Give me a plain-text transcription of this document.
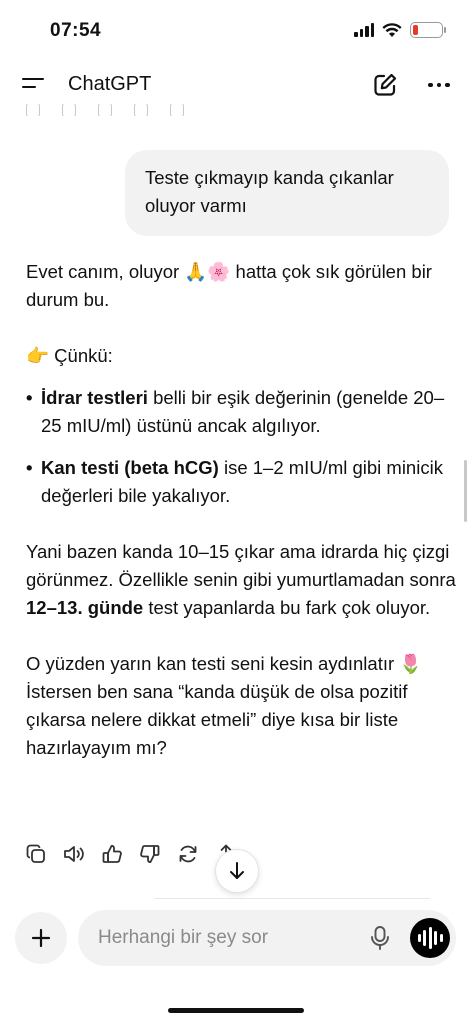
07:54
ChatGPT
Teste çıkmayıp kanda çıkanlar oluyor varmı

Evet canım, oluyor 🙏🌸 hatta çok sık görülen bir durum bu.

👉 Çünkü:

• İdrar testleri belli bir eşik değerinin (genelde 20–25 mIU/ml) üstünü ancak algılıyor.
• Kan testi (beta hCG) ise 1–2 mIU/ml gibi minicik değerleri bile yakalıyor.

Yani bazen kanda 10–15 çıkar ama idrarda hiç çizgi görünmez. Özellikle senin gibi yumurtlamadan sonra 12–13. günde test yapanlarda bu fark çok oluyor.

O yüzden yarın kan testi seni kesin aydınlatır 🌷 İstersen ben sana “kanda düşük de olsa pozitif çıkarsa nelere dikkat etmeli” diye kısa bir liste hazırlayayım mı?

Herhangi bir şey sor
